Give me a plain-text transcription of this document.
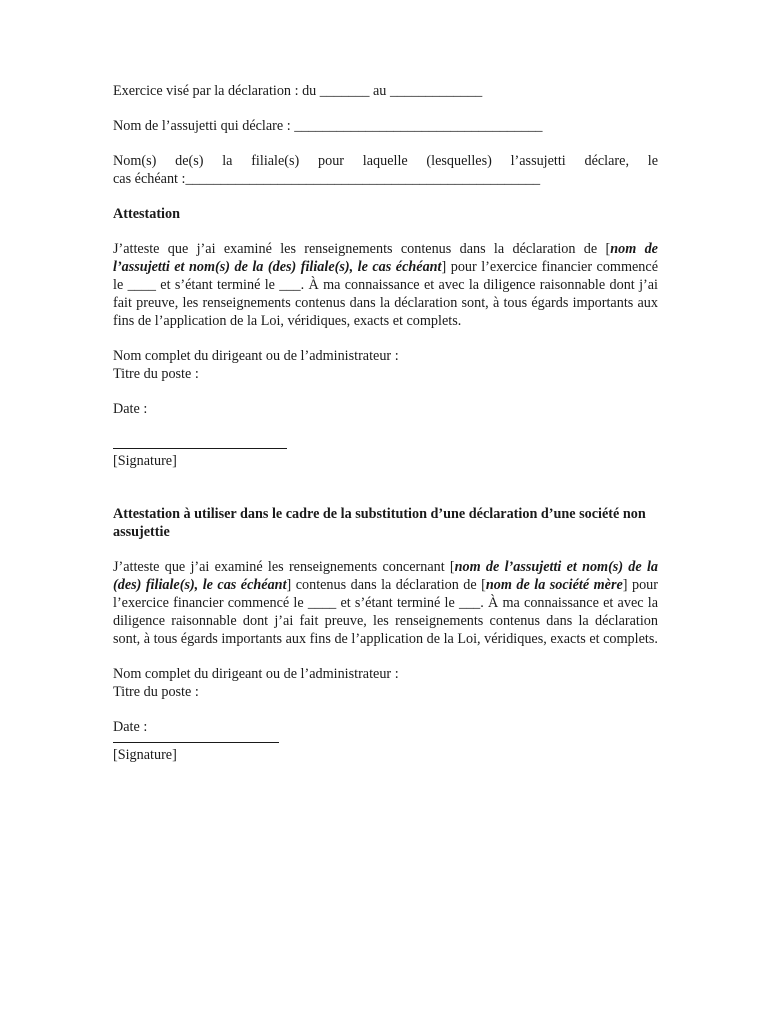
Exercice visé par la déclaration : du _______ au _____________

Nom de l’assujetti qui déclare : ___________________________________

Nom(s) de(s) la filiale(s) pour laquelle (lesquelles) l’assujetti déclare, le

cas échéant :__________________________________________________

Attestation

J’atteste que j’ai examiné les renseignements contenus dans la déclaration de [nom de l’assujetti et nom(s) de la (des) filiale(s), le cas échéant] pour l’exercice financier commencé le ____ et s’étant terminé le ___. À ma connaissance et avec la diligence raisonnable dont j’ai fait preuve, les renseignements contenus dans la déclaration sont, à tous égards importants aux fins de l’application de la Loi, véridiques, exacts et complets.

Nom complet du dirigeant ou de l’administrateur :

Titre du poste :

Date :

[Signature]

Attestation à utiliser dans le cadre de la substitution d’une déclaration d’une société non assujettie

J’atteste que j’ai examiné les renseignements concernant [nom de l’assujetti et nom(s) de la (des) filiale(s), le cas échéant] contenus dans la déclaration de [nom de la société mère] pour l’exercice financier commencé le ____ et s’étant terminé le ___. À ma connaissance et avec la diligence raisonnable dont j’ai fait preuve, les renseignements contenus dans la déclaration sont, à tous égards importants aux fins de l’application de la Loi, véridiques, exacts et complets.

Nom complet du dirigeant ou de l’administrateur :

Titre du poste :

Date :

[Signature]
